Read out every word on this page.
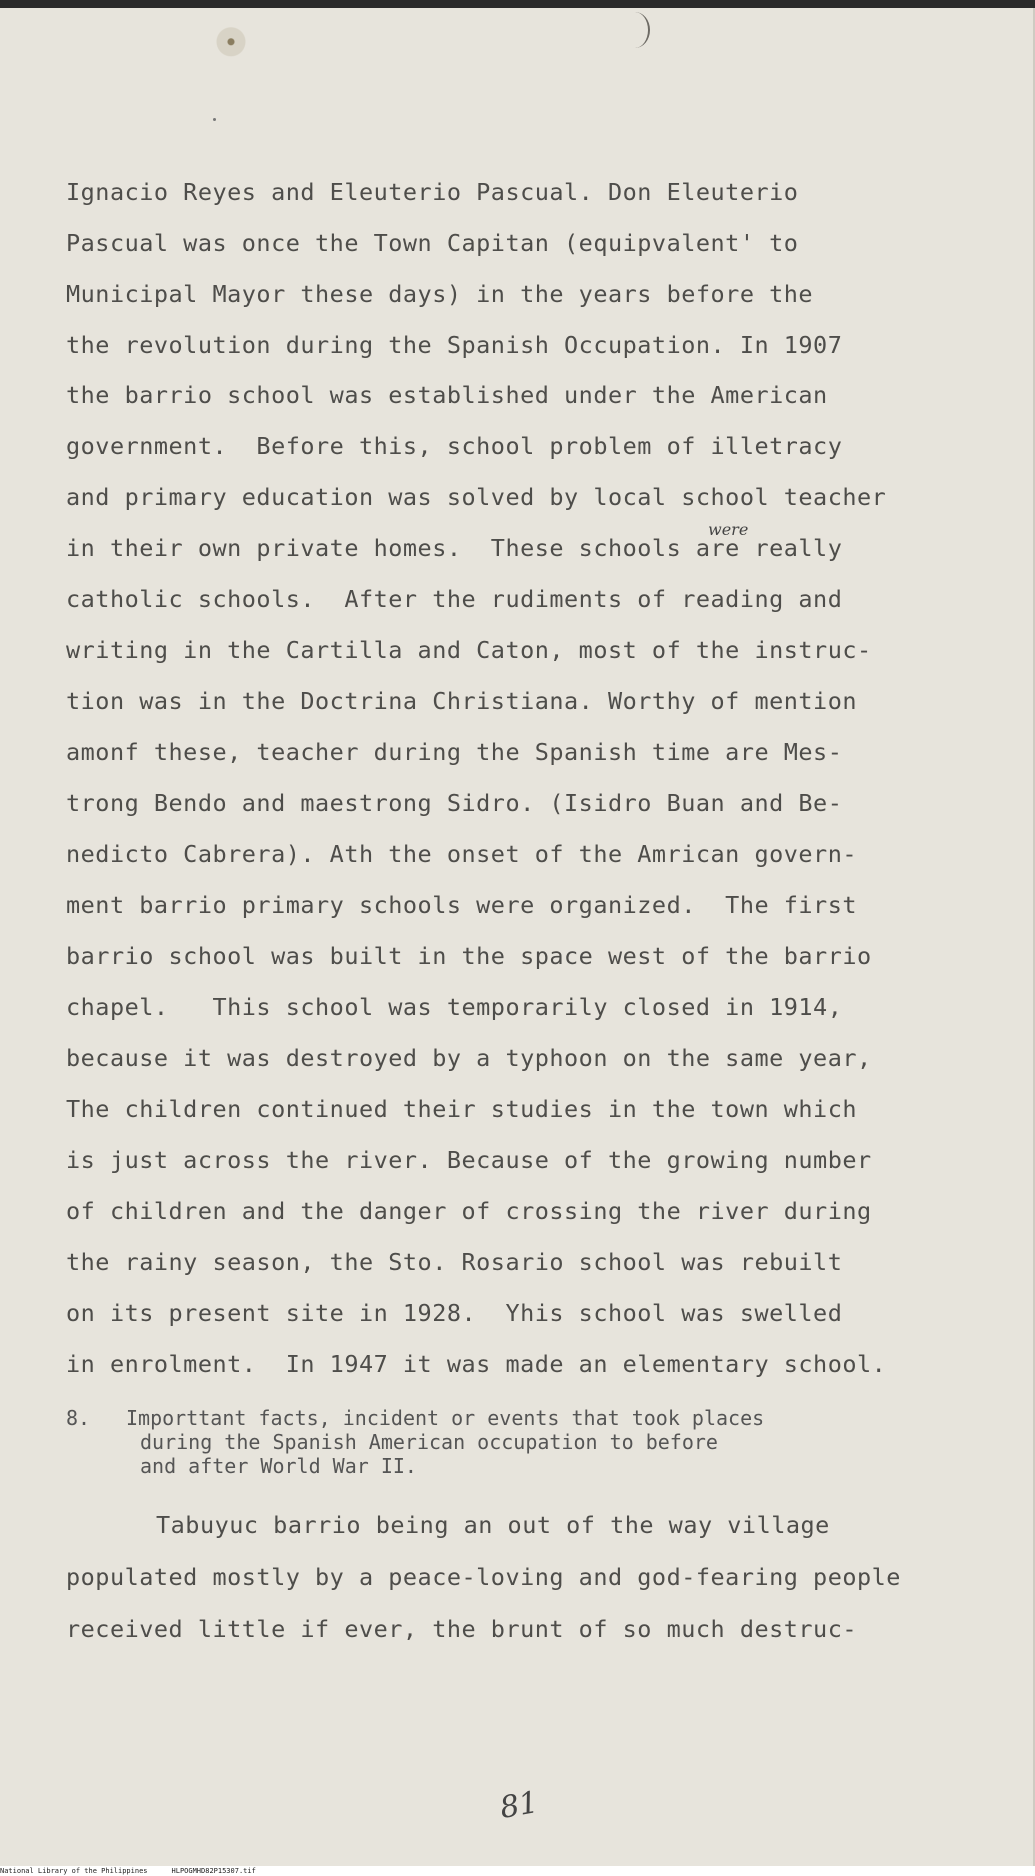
Ignacio Reyes and Eleuterio Pascual. Don Eleuterio

Pascual was once the Town Capitan (equipvalent' to

Municipal Mayor these days) in the years before the

the revolution during the Spanish Occupation. In 1907

the barrio school was established under the American

government.  Before this, school problem of illetracy

and primary education was solved by local school teacher

in their own private homes.  These schools are really

catholic schools.  After the rudiments of reading and

writing in the Cartilla and Caton, most of the instruc-

tion was in the Doctrina Christiana. Worthy of mention

amonf these, teacher during the Spanish time are Mes-

trong Bendo and maestrong Sidro. (Isidro Buan and Be-

nedicto Cabrera). Ath the onset of the Amrican govern-

ment barrio primary schools were organized.  The first

barrio school was built in the space west of the barrio

chapel.   This school was temporarily closed in 1914,

because it was destroyed by a typhoon on the same year,

The children continued their studies in the town which

is just across the river. Because of the growing number

of children and the danger of crossing the river during

the rainy season, the Sto. Rosario school was rebuilt

on its present site in 1928.  Yhis school was swelled

in enrolment.  In 1947 it was made an elementary school.

were

8. Importtant facts, incident or events that took places

during the Spanish American occupation to before

and after World War II.

Tabuyuc barrio being an out of the way village

populated mostly by a peace-loving and god-fearing people

received little if ever, the brunt of so much destruc-

81
National Library of the Philippines	HLPOGMHD82P15307.tif
